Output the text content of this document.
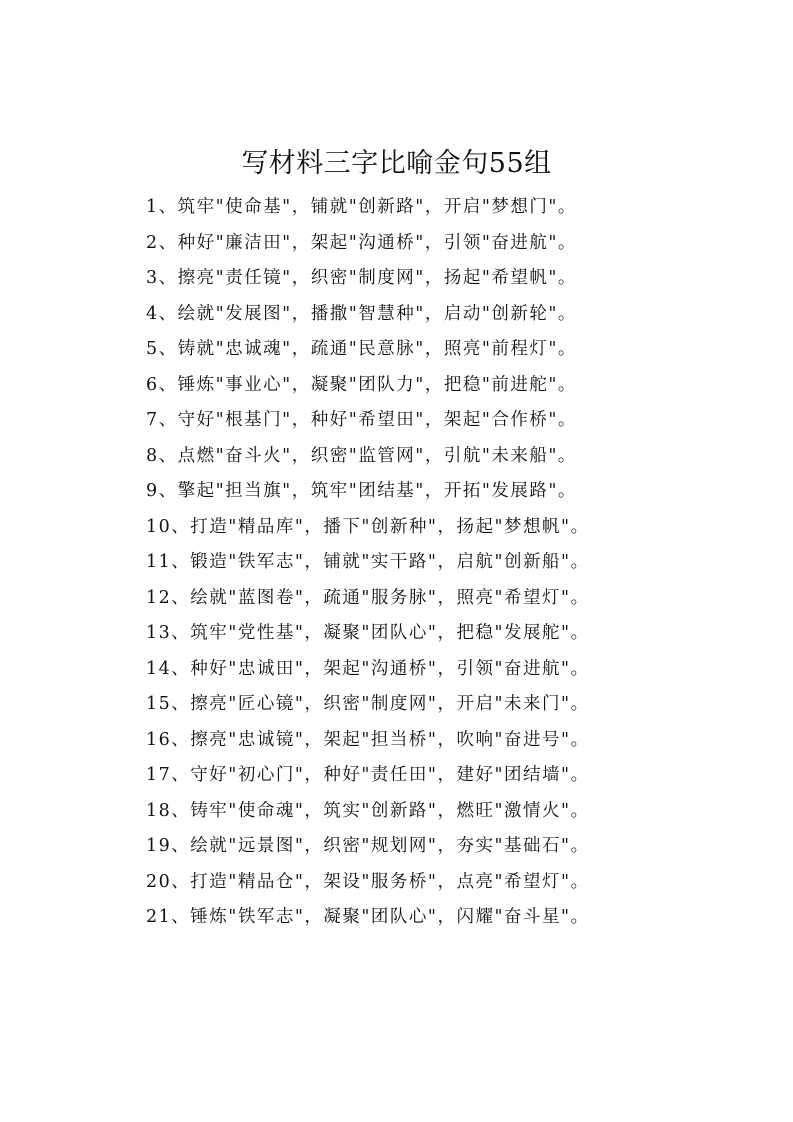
写材料三字比喻金句55组
1、筑牢"使命基"，铺就"创新路"，开启"梦想门"。
2、种好"廉洁田"，架起"沟通桥"，引领"奋进航"。
3、擦亮"责任镜"，织密"制度网"，扬起"希望帆"。
4、绘就"发展图"，播撒"智慧种"，启动"创新轮"。
5、铸就"忠诚魂"，疏通"民意脉"，照亮"前程灯"。
6、锤炼"事业心"，凝聚"团队力"，把稳"前进舵"。
7、守好"根基门"，种好"希望田"，架起"合作桥"。
8、点燃"奋斗火"，织密"监管网"，引航"未来船"。
9、擎起"担当旗"，筑牢"团结基"，开拓"发展路"。
10、打造"精品库"，播下"创新种"，扬起"梦想帆"。
11、锻造"铁军志"，铺就"实干路"，启航"创新船"。
12、绘就"蓝图卷"，疏通"服务脉"，照亮"希望灯"。
13、筑牢"党性基"，凝聚"团队心"，把稳"发展舵"。
14、种好"忠诚田"，架起"沟通桥"，引领"奋进航"。
15、擦亮"匠心镜"，织密"制度网"，开启"未来门"。
16、擦亮"忠诚镜"，架起"担当桥"，吹响"奋进号"。
17、守好"初心门"，种好"责任田"，建好"团结墙"。
18、铸牢"使命魂"，筑实"创新路"，燃旺"激情火"。
19、绘就"远景图"，织密"规划网"，夯实"基础石"。
20、打造"精品仓"，架设"服务桥"，点亮"希望灯"。
21、锤炼"铁军志"，凝聚"团队心"，闪耀"奋斗星"。
